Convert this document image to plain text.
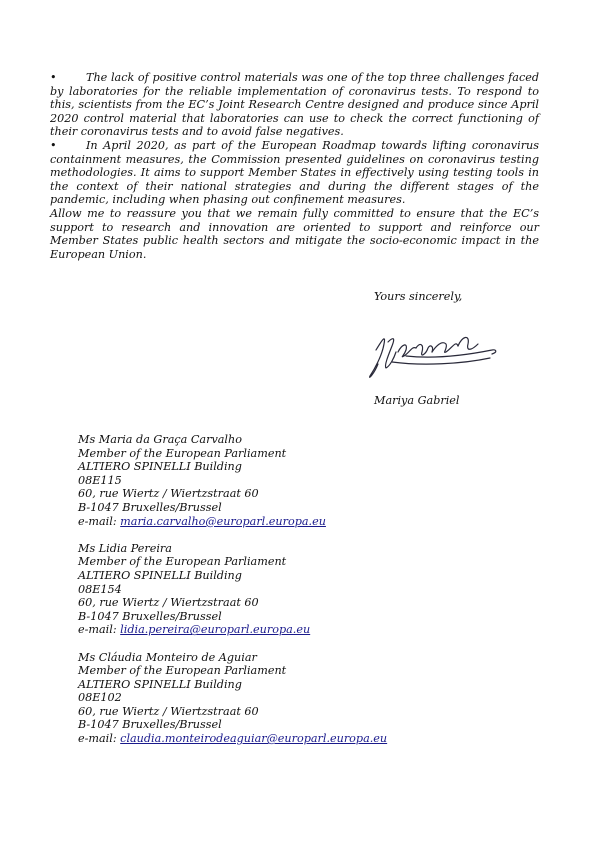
•	The lack of positive control materials was one of the top three challenges faced by laboratories for the reliable implementation of coronavirus tests. To respond to this, scientists from the EC’s Joint Research Centre designed and produce since April 2020 control material that laboratories can use to check the correct functioning of their coronavirus tests and to avoid false negatives.

•	In April 2020, as part of the European Roadmap towards lifting coronavirus containment measures, the Commission presented guidelines on coronavirus testing methodologies. It aims to support Member States in effectively using testing tools in the context of their national strategies and during the different stages of the pandemic, including when phasing out confinement measures.

Allow me to reassure you that we remain fully committed to ensure that the EC’s support to research and innovation are oriented to support and reinforce our Member States public health sectors and mitigate the socio-economic impact in the European Union.

Yours sincerely,
Mariya Gabriel
Ms Maria da Graça Carvalho
Member of the European Parliament
ALTIERO SPINELLI Building
08E115
60, rue Wiertz / Wiertzstraat 60
B-1047 Bruxelles/Brussel
e-mail: maria.carvalho@europarl.europa.eu
Ms Lidia Pereira
Member of the European Parliament
ALTIERO SPINELLI Building
08E154
60, rue Wiertz / Wiertzstraat 60
B-1047 Bruxelles/Brussel
e-mail: lidia.pereira@europarl.europa.eu
Ms Cláudia Monteiro de Aguiar
Member of the European Parliament
ALTIERO SPINELLI Building
08E102
60, rue Wiertz / Wiertzstraat 60
B-1047 Bruxelles/Brussel
e-mail: claudia.monteirodeaguiar@europarl.europa.eu
